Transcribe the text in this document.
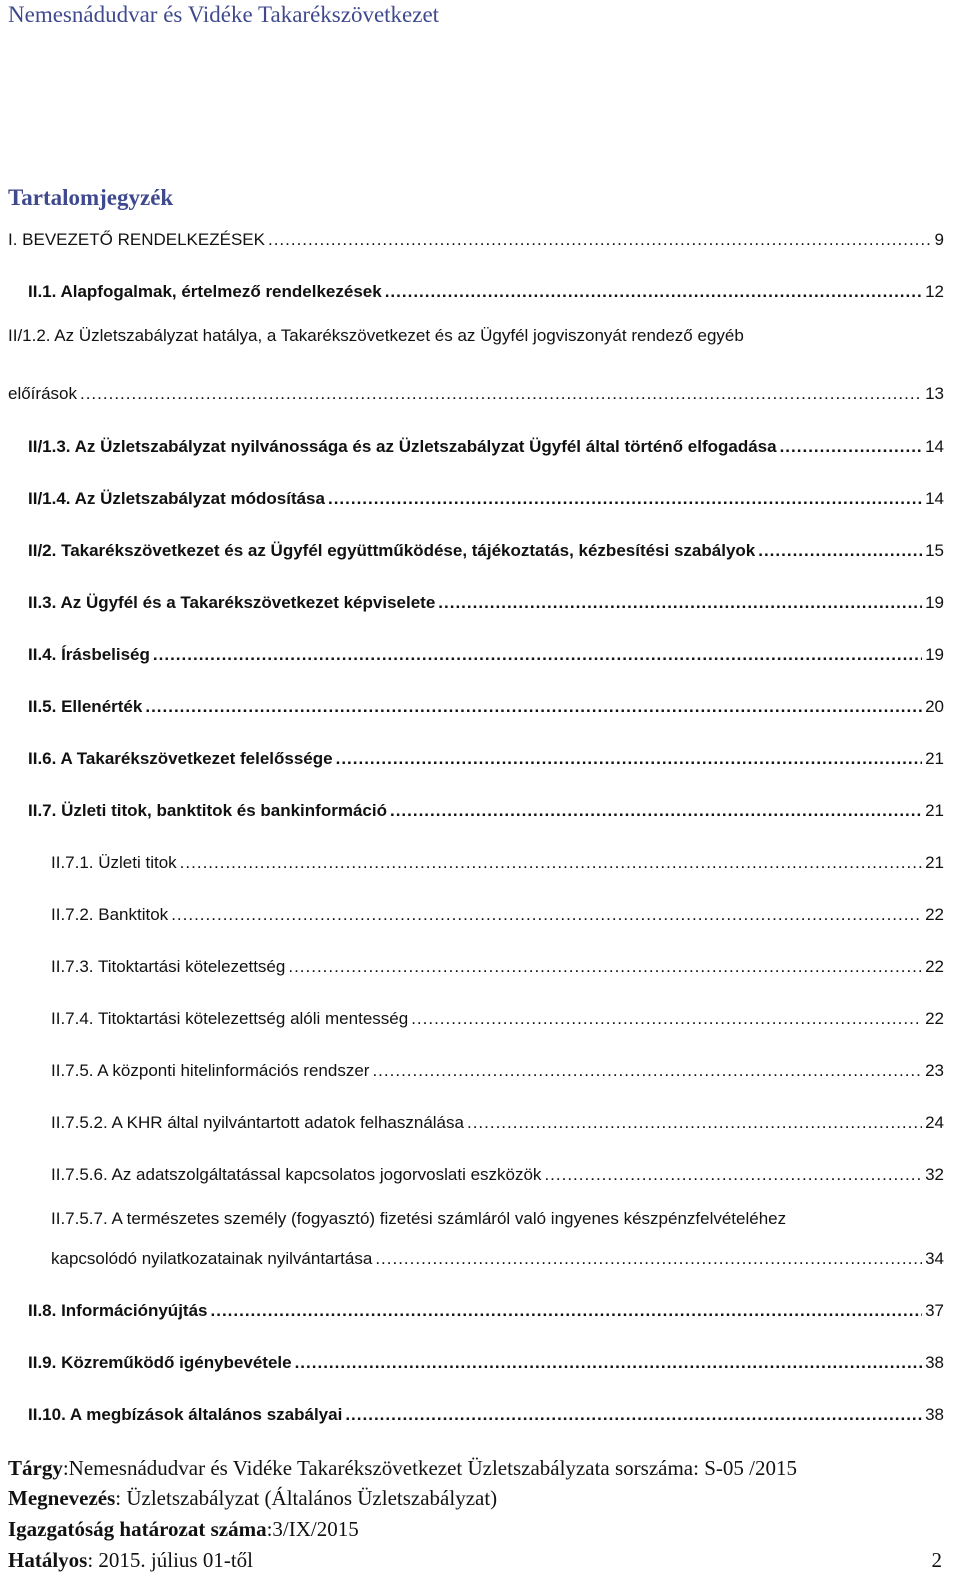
Nemesnádudvar és Vidéke Takarékszövetkezet
Tartalomjegyzék
I. BEVEZETŐ RENDELKEZÉSEK .....	9
II.1. Alapfogalmak, értelmező rendelkezések .....	12
II/1.2. Az Üzletszabályzat hatálya, a Takarékszövetkezet és az Ügyfél jogviszonyát rendező egyéb
előírások .....	13
II/1.3. Az Üzletszabályzat nyilvánossága és az Üzletszabályzat Ügyfél által történő elfogadása .....	14
II/1.4. Az Üzletszabályzat módosítása .....	14
II/2. Takarékszövetkezet és az Ügyfél együttműködése, tájékoztatás, kézbesítési szabályok .....	15
II.3. Az Ügyfél és a Takarékszövetkezet képviselete .....	19
II.4. Írásbeliség .....	19
II.5. Ellenérték .....	20
II.6. A Takarékszövetkezet felelőssége .....	21
II.7. Üzleti titok, banktitok és bankinformáció .....	21
II.7.1. Üzleti titok .....	21
II.7.2. Banktitok .....	22
II.7.3. Titoktartási kötelezettség .....	22
II.7.4. Titoktartási kötelezettség alóli mentesség .....	22
II.7.5. A központi hitelinformációs rendszer .....	23
II.7.5.2. A KHR által nyilvántartott adatok felhasználása .....	24
II.7.5.6. Az adatszolgáltatással kapcsolatos jogorvoslati eszközök .....	32
II.7.5.7. A természetes személy (fogyasztó) fizetési számláról való ingyenes készpénzfelvételéhez
kapcsolódó nyilatkozatainak nyilvántartása .....	34
II.8. Információnyújtás .....	37
II.9. Közreműködő igénybevétele .....	38
II.10. A megbízások általános szabályai .....	38
Tárgy:Nemesnádudvar és Vidéke Takarékszövetkezet Üzletszabályzata sorszáma: S-05 /2015
Megnevezés: Üzletszabályzat (Általános Üzletszabályzat)
Igazgatóság határozat száma:3/IX/2015
Hatályos: 2015. július 01-től	2
